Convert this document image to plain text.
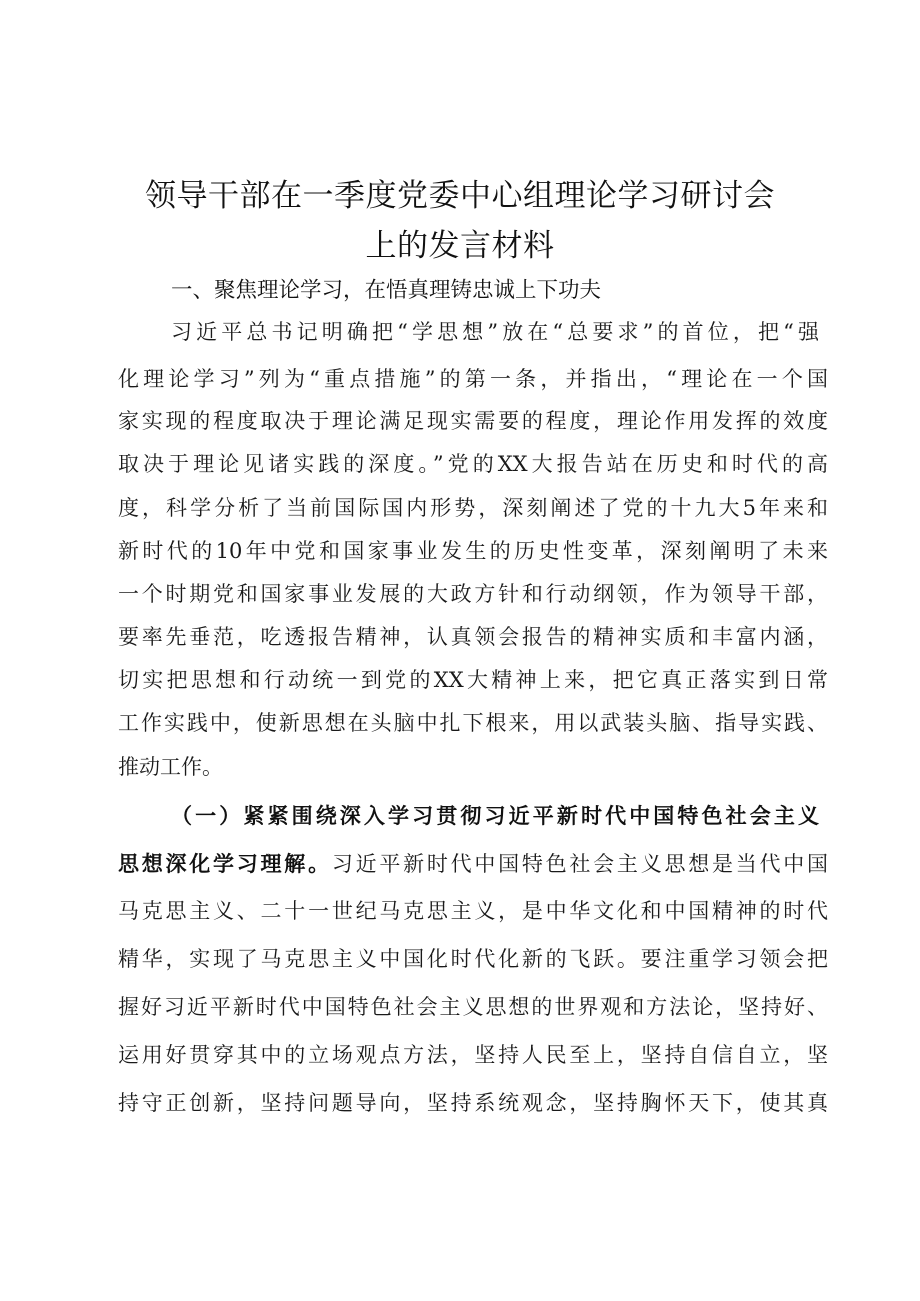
领导干部在一季度党委中心组理论学习研讨会
上的发言材料
一、聚焦理论学习，在悟真理铸忠诚上下功夫

习近平总书记明确把“学思想”放在“总要求”的首位，把“强

化理论学习”列为“重点措施”的第一条，并指出，“理论在一个国

家实现的程度取决于理论满足现实需要的程度，理论作用发挥的效度

取决于理论见诸实践的深度。”党的XX大报告站在历史和时代的高

度，科学分析了当前国际国内形势，深刻阐述了党的十九大5年来和

新时代的10年中党和国家事业发生的历史性变革，深刻阐明了未来

一个时期党和国家事业发展的大政方针和行动纲领，作为领导干部，

要率先垂范，吃透报告精神，认真领会报告的精神实质和丰富内涵，

切实把思想和行动统一到党的XX大精神上来，把它真正落实到日常

工作实践中，使新思想在头脑中扎下根来，用以武装头脑、指导实践、

推动工作。

（一）紧紧围绕深入学习贯彻习近平新时代中国特色社会主义

思想深化学习理解。习近平新时代中国特色社会主义思想是当代中国

马克思主义、二十一世纪马克思主义，是中华文化和中国精神的时代

精华，实现了马克思主义中国化时代化新的飞跃。要注重学习领会把

握好习近平新时代中国特色社会主义思想的世界观和方法论，坚持好、

运用好贯穿其中的立场观点方法，坚持人民至上，坚持自信自立，坚

持守正创新，坚持问题导向，坚持系统观念，坚持胸怀天下，使其真
